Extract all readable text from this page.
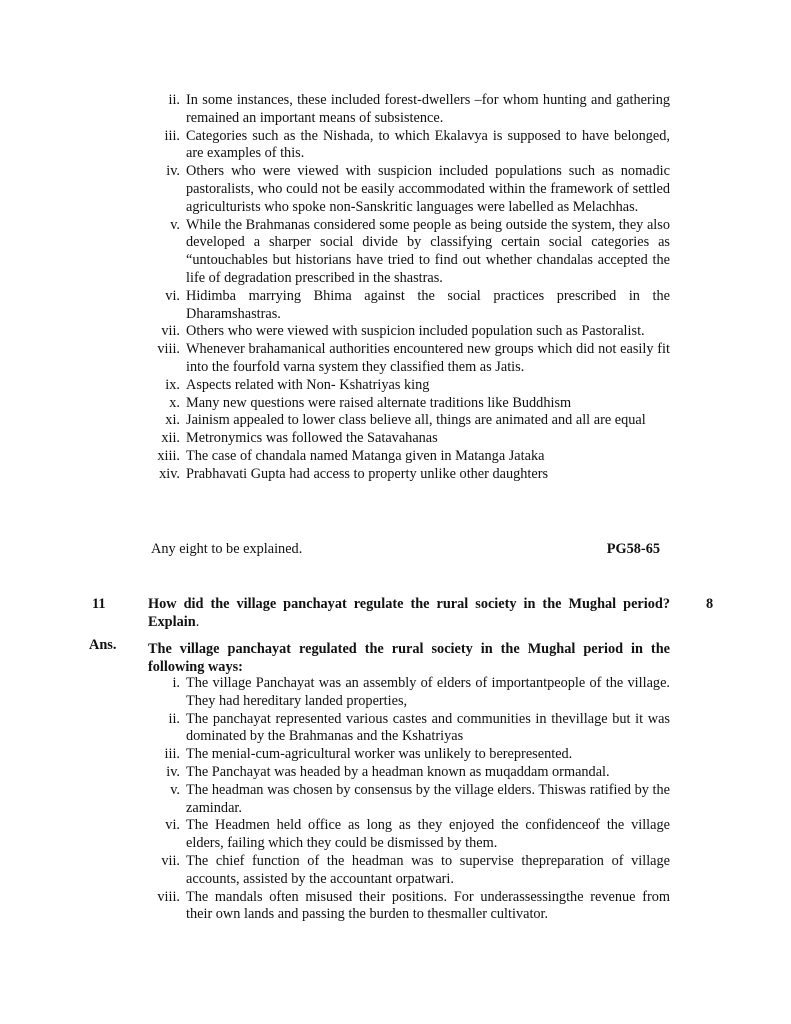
ii. In some instances, these included forest-dwellers –for whom hunting and gathering remained an important means of subsistence.
iii. Categories such as the Nishada, to which Ekalavya is supposed to have belonged, are examples of this.
iv. Others who were viewed with suspicion included populations such as nomadic pastoralists, who could not be easily accommodated within the framework of settled agriculturists who spoke non-Sanskritic languages were labelled as Melachhas.
v. While the Brahmanas considered some people as being outside the system, they also developed a sharper social divide by classifying certain social categories as “untouchables but historians have tried to find out whether chandalas accepted the life of degradation prescribed in the shastras.
vi. Hidimba marrying Bhima against the social practices prescribed in the Dharamshastras.
vii. Others who were viewed with suspicion included population such as Pastoralist.
viii. Whenever brahamanical authorities encountered new groups which did not easily fit into the fourfold varna system they classified them as Jatis.
ix. Aspects related with Non- Kshatriyas king
x. Many new questions were raised alternate traditions like Buddhism
xi. Jainism appealed to lower class believe all, things are animated and all are equal
xii. Metronymics was followed the Satavahanas
xiii. The case of chandala named Matanga given in Matanga Jataka
xiv. Prabhavati Gupta had access to property unlike other daughters
Any eight to be explained.	PG58-65
11	How did the village panchayat regulate the rural society in the Mughal period? Explain.
8
Ans. The village panchayat regulated the rural society in the Mughal period in the following ways:
i. The village Panchayat was an assembly of elders of importantpeople of the village. They had hereditary landed properties,
ii. The panchayat represented various castes and communities in thevillage but it was dominated by the Brahmanas and the Kshatriyas
iii. The menial-cum-agricultural worker was unlikely to berepresented.
iv. The Panchayat was headed by a headman known as muqaddam ormandal.
v. The headman was chosen by consensus by the village elders. Thiswas ratified by the zamindar.
vi. The Headmen held office as long as they enjoyed the confidenceof the village elders, failing which they could be dismissed by them.
vii. The chief function of the headman was to supervise thepreparation of village accounts, assisted by the accountant orpatwari.
viii. The mandals often misused their positions. For underassessingthe revenue from their own lands and passing the burden to thesmaller cultivator.
